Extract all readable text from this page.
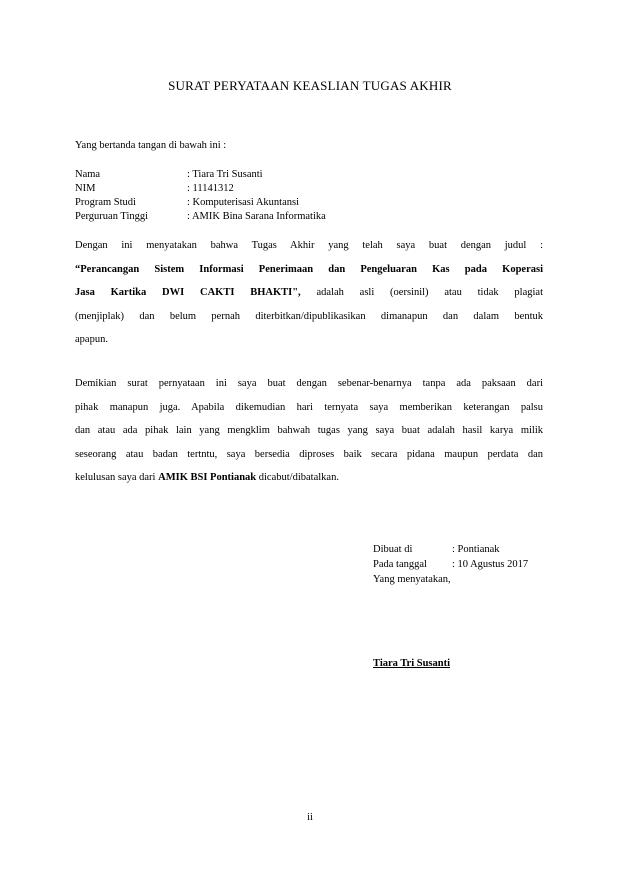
SURAT PERYATAAN KEASLIAN TUGAS AKHIR
Yang bertanda tangan di bawah ini :
Nama	: Tiara Tri Susanti
NIM	: 11141312
Program Studi	: Komputerisasi Akuntansi
Perguruan Tinggi	: AMIK Bina Sarana Informatika
Dengan ini menyatakan bahwa Tugas Akhir yang telah saya buat dengan judul :
“Perancangan Sistem Informasi Penerimaan dan Pengeluaran Kas pada Koperasi
Jasa Kartika DWI CAKTI BHAKTI", adalah asli (oersinil) atau tidak plagiat
(menjiplak) dan belum pernah diterbitkan/dipublikasikan dimanapun dan dalam bentuk
apapun.
Demikian surat pernyataan ini saya buat dengan sebenar-benarnya tanpa ada paksaan dari
pihak manapun juga. Apabila dikemudian hari ternyata saya memberikan keterangan palsu
dan atau ada pihak lain yang mengklim bahwah tugas yang saya buat adalah hasil karya milik
seseorang atau badan tertntu, saya bersedia diproses baik secara pidana maupun perdata dan
kelulusan saya dari AMIK BSI Pontianak dicabut/dibatalkan.
Dibuat di	: Pontianak
Pada tanggal	: 10 Agustus 2017
Yang menyatakan,
Tiara Tri Susanti
ii
